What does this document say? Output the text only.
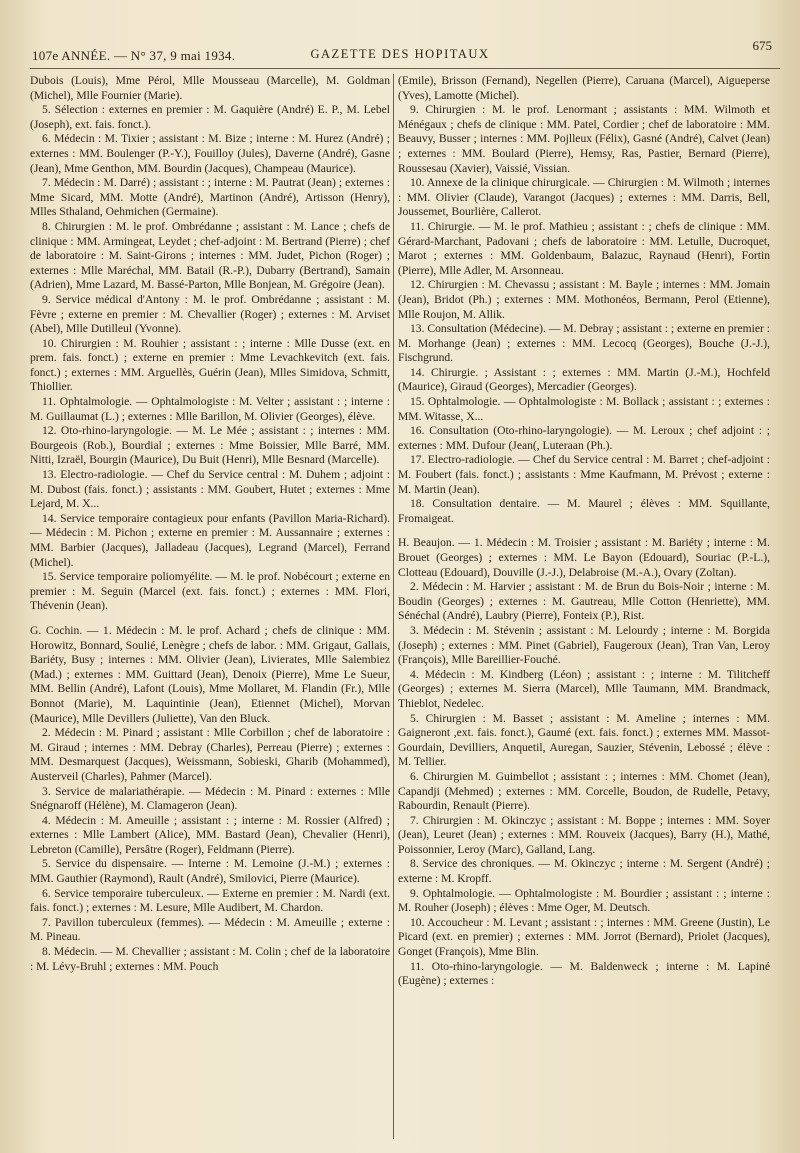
107e ANNÉE. — N° 37, 9 mai 1934.	GAZETTE DES HOPITAUX
675

Dubois (Louis), Mme Pérol, Mlle Mousseau (Marcelle), M. Goldman (Michel), Mlle Fournier (Marie).

5. Sélection : externes en premier : M. Gaquière (André) E. P., M. Lebel (Joseph), ext. fais. fonct.).

6. Médecin : M. Tixier ; assistant : M. Bize ; interne : M. Hurez (André) ; externes : MM. Boulenger (P.-Y.), Fouilloy (Jules), Daverne (André), Gasne (Jean), Mme Genthon, MM. Bourdin (Jacques), Champeau (Maurice).

7. Médecin : M. Darré) ; assistant : ; interne : M. Pautrat (Jean) ; externes : Mme Sicard, MM. Motte (André), Martinon (André), Artisson (Henry), Mlles Sthaland, Oehmichen (Germaine).

8. Chirurgien : M. le prof. Ombrédanne ; assistant : M. Lance ; chefs de clinique : MM. Armingeat, Leydet ; chef-adjoint : M. Bertrand (Pierre) ; chef de laboratoire : M. Saint-Girons ; internes : MM. Judet, Pichon (Roger) ; externes : Mlle Maréchal, MM. Batail (R.-P.), Dubarry (Bertrand), Samain (Adrien), Mme Lazard, M. Bassé-Parton, Mlle Bonjean, M. Grégoire (Jean).

9. Service médical d'Antony : M. le prof. Ombrédanne ; assistant : M. Fèvre ; externe en premier : M. Chevallier (Roger) ; externes : M. Arviset (Abel), Mlle Dutilleul (Yvonne).

10. Chirurgien : M. Rouhier ; assistant : ; interne : Mlle Dusse (ext. en prem. fais. fonct.) ; externe en premier : Mme Levachkevitch (ext. fais. fonct.) ; externes : MM. Arguellès, Guérin (Jean), Mlles Simidova, Schmitt, Thiollier.

11. Ophtalmologie. — Ophtalmologiste : M. Velter ; assistant : ; interne : M. Guillaumat (L.) ; externes : Mlle Barillon, M. Olivier (Georges), élève.

12. Oto-rhino-laryngologie. — M. Le Mée ; assistant : ; internes : MM. Bourgeois (Rob.), Bourdial ; externes : Mme Boissier, Mlle Barré, MM. Nitti, Izraël, Bourgin (Maurice), Du Buit (Henri), Mlle Besnard (Marcelle).

13. Electro-radiologie. — Chef du Service central : M. Duhem ; adjoint : M. Dubost (fais. fonct.) ; assistants : MM. Goubert, Hutet ; externes : Mme Lejard, M. X...

14. Service temporaire contagieux pour enfants (Pavillon Maria-Richard). — Médecin : M. Pichon ; externe en premier : M. Aussannaire ; externes : MM. Barbier (Jacques), Jalladeau (Jacques), Legrand (Marcel), Ferrand (Michel).

15. Service temporaire poliomyélite. — M. le prof. Nobécourt ; externe en premier : M. Seguin (Marcel (ext. fais. fonct.) ; externes : MM. Flori, Thévenin (Jean).

G. Cochin. — 1. Médecin : M. le prof. Achard ; chefs de clinique : MM. Horowitz, Bonnard, Soulié, Lenègre ; chefs de labor. : MM. Grigaut, Gallais, Bariéty, Busy ; internes : MM. Olivier (Jean), Livierates, Mlle Salembiez (Mad.) ; externes : MM. Guittard (Jean), Denoix (Pierre), Mme Le Sueur, MM. Bellin (André), Lafont (Louis), Mme Mollaret, M. Flandin (Fr.), Mlle Bonnot (Marie), M. Laquintinie (Jean), Etiennet (Michel), Morvan (Maurice), Mlle Devillers (Juliette), Van den Bluck.

2. Médecin : M. Pinard ; assistant : Mlle Corbillon ; chef de laboratoire : M. Giraud ; internes : MM. Debray (Charles), Perreau (Pierre) ; externes : MM. Desmarquest (Jacques), Weissmann, Sobieski, Gharib (Mohammed), Austerveil (Charles), Pahmer (Marcel).

3. Service de malariathérapie. — Médecin : M. Pinard : externes : Mlle Snégnaroff (Hélène), M. Clamageron (Jean).

4. Médecin : M. Ameuille ; assistant : ; interne : M. Rossier (Alfred) ; externes : Mlle Lambert (Alice), MM. Bastard (Jean), Chevalier (Henri), Lebreton (Camille), Persâtre (Roger), Feldmann (Pierre).

5. Service du dispensaire. — Interne : M. Lemoine (J.-M.) ; externes : MM. Gauthier (Raymond), Rault (André), Smilovici, Pierre (Maurice).

6. Service temporaire tuberculeux. — Externe en premier : M. Nardi (ext. fais. fonct.) ; externes : M. Lesure, Mlle Audibert, M. Chardon.

7. Pavillon tuberculeux (femmes). — Médecin : M. Ameuille ; externe : M. Pineau.

8. Médecin. — M. Chevallier ; assistant : M. Colin ; chef de la laboratoire : M. Lévy-Bruhl ; externes : MM. Pouch

(Emile), Brisson (Fernand), Negellen (Pierre), Caruana (Marcel), Aigueperse (Yves), Lamotte (Michel).

9. Chirurgien : M. le prof. Lenormant ; assistants : MM. Wilmoth et Ménégaux ; chefs de clinique : MM. Patel, Cordier ; chef de laboratoire : MM. Beauvy, Busser ; internes : MM. Pojlleux (Félix), Gasné (André), Calvet (Jean) ; externes : MM. Boulard (Pierre), Hemsy, Ras, Pastier, Bernard (Pierre), Roussesau (Xavier), Vaissié, Vissian.

10. Annexe de la clinique chirurgicale. — Chirurgien : M. Wilmoth ; internes : MM. Olivier (Claude), Varangot (Jacques) ; externes : MM. Darris, Bell, Joussemet, Bourlière, Callerot.

11. Chirurgie. — M. le prof. Mathieu ; assistant : ; chefs de clinique : MM. Gérard-Marchant, Padovani ; chefs de laboratoire : MM. Letulle, Ducroquet, Marot ; externes : MM. Goldenbaum, Balazuc, Raynaud (Henri), Fortin (Pierre), Mlle Adler, M. Arsonneau.

12. Chirurgien : M. Chevassu ; assistant : M. Bayle ; internes : MM. Jomain (Jean), Bridot (Ph.) ; externes : MM. Mothonéos, Bermann, Perol (Etienne), Mlle Roujon, M. Allik.

13. Consultation (Médecine). — M. Debray ; assistant : ; externe en premier : M. Morhange (Jean) ; externes : MM. Lecocq (Georges), Bouche (J.-J.), Fischgrund.

14. Chirurgie. ; Assistant : ; externes : MM. Martin (J.-M.), Hochfeld (Maurice), Giraud (Georges), Mercadier (Georges).

15. Ophtalmologie. — Ophtalmologiste : M. Bollack ; assistant : ; externes : MM. Witasse, X...

16. Consultation (Oto-rhino-laryngologie). — M. Leroux ; chef adjoint : ; externes : MM. Dufour (Jean(, Luteraan (Ph.).

17. Electro-radiologie. — Chef du Service central : M. Barret ; chef-adjoint : M. Foubert (fais. fonct.) ; assistants : Mme Kaufmann, M. Prévost ; externe : M. Martin (Jean).

18. Consultation dentaire. — M. Maurel ; élèves : MM. Squillante, Fromaigeat.

H. Beaujon. — 1. Médecin : M. Troisier ; assistant : M. Bariéty ; interne : M. Brouet (Georges) ; externes : MM. Le Bayon (Edouard), Souriac (P.-L.), Clotteau (Edouard), Douville (J.-J.), Delabroise (M.-A.), Ovary (Zoltan).

2. Médecin : M. Harvier ; assistant : M. de Brun du Bois-Noir ; interne : M. Boudin (Georges) ; externes : M. Gautreau, Mlle Cotton (Henriette), MM. Sénéchal (André), Laubry (Pierre), Fonteix (P.), Rist.

3. Médecin : M. Stévenin ; assistant : M. Lelourdy ; interne : M. Borgida (Joseph) ; externes : MM. Pinet (Gabriel), Faugeroux (Jean), Tran Van, Leroy (François), Mlle Bareillier-Fouché.

4. Médecin : M. Kindberg (Léon) ; assistant : ; interne : M. Tilitcheff (Georges) ; externes M. Sierra (Marcel), Mlle Taumann, MM. Brandmack, Thieblot, Nedelec.

5. Chirurgien : M. Basset ; assistant : M. Ameline ; internes : MM. Gaigneront ,ext. fais. fonct.), Gaumé (ext. fais. fonct.) ; externes MM. Massot-Gourdain, Devilliers, Anquetil, Auregan, Sauzier, Stévenin, Lebossé ; élève : M. Tellier.

6. Chirurgien M. Guimbellot ; assistant : ; internes : MM. Chomet (Jean), Capandji (Mehmed) ; externes : MM. Corcelle, Boudon, de Rudelle, Petavy, Rabourdin, Renault (Pierre).

7. Chirurgien : M. Okinczyc ; assistant : M. Boppe ; internes : MM. Soyer (Jean), Leuret (Jean) ; externes : MM. Rouveix (Jacques), Barry (H.), Mathé, Poissonnier, Leroy (Marc), Galland, Lang.

8. Service des chroniques. — M. Okinczyc ; interne : M. Sergent (André) ; externe : M. Kropff.

9. Ophtalmologie. — Ophtalmologiste : M. Bourdier ; assistant : ; interne : M. Rouher (Joseph) ; élèves : Mme Oger, M. Deutsch.

10. Accoucheur : M. Levant ; assistant : ; internes : MM. Greene (Justin), Le Picard (ext. en premier) ; externes : MM. Jorrot (Bernard), Priolet (Jacques), Gonget (François), Mme Blin.

11. Oto-rhino-laryngologie. — M. Baldenweck ; interne : M. Lapiné (Eugène) ; externes :
